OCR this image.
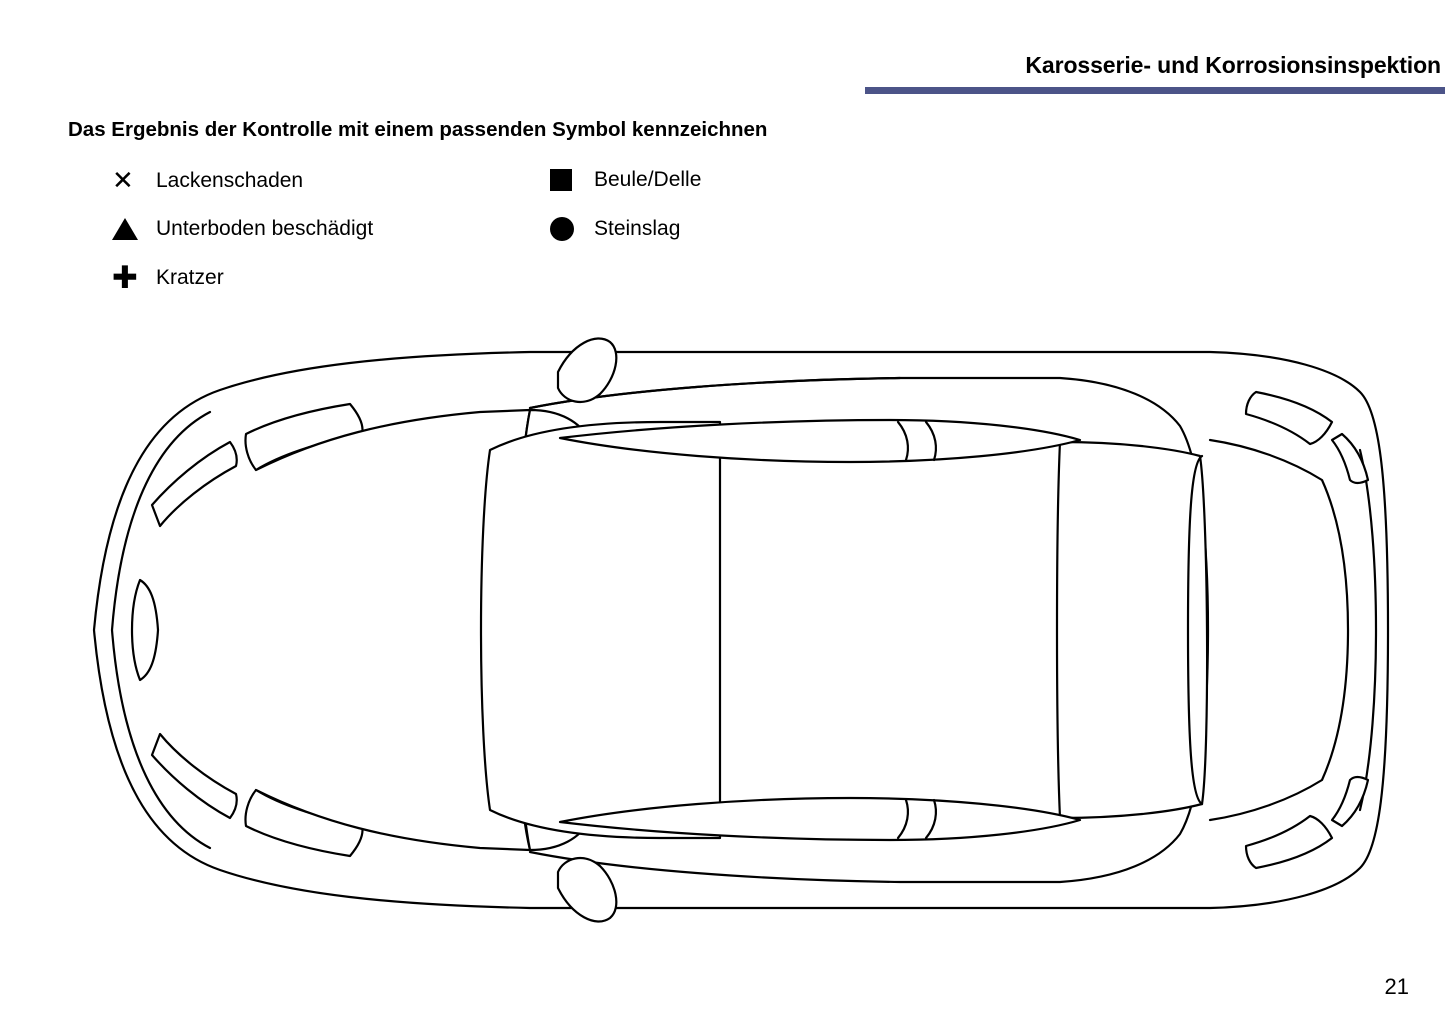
Karosserie- und Korrosionsinspektion
Das Ergebnis der Kontrolle mit einem passenden Symbol kennzeichnen
✕ Lackenschaden	Beule/Delle
Unterboden beschädigt	Steinslag
✚ Kratzer
21
